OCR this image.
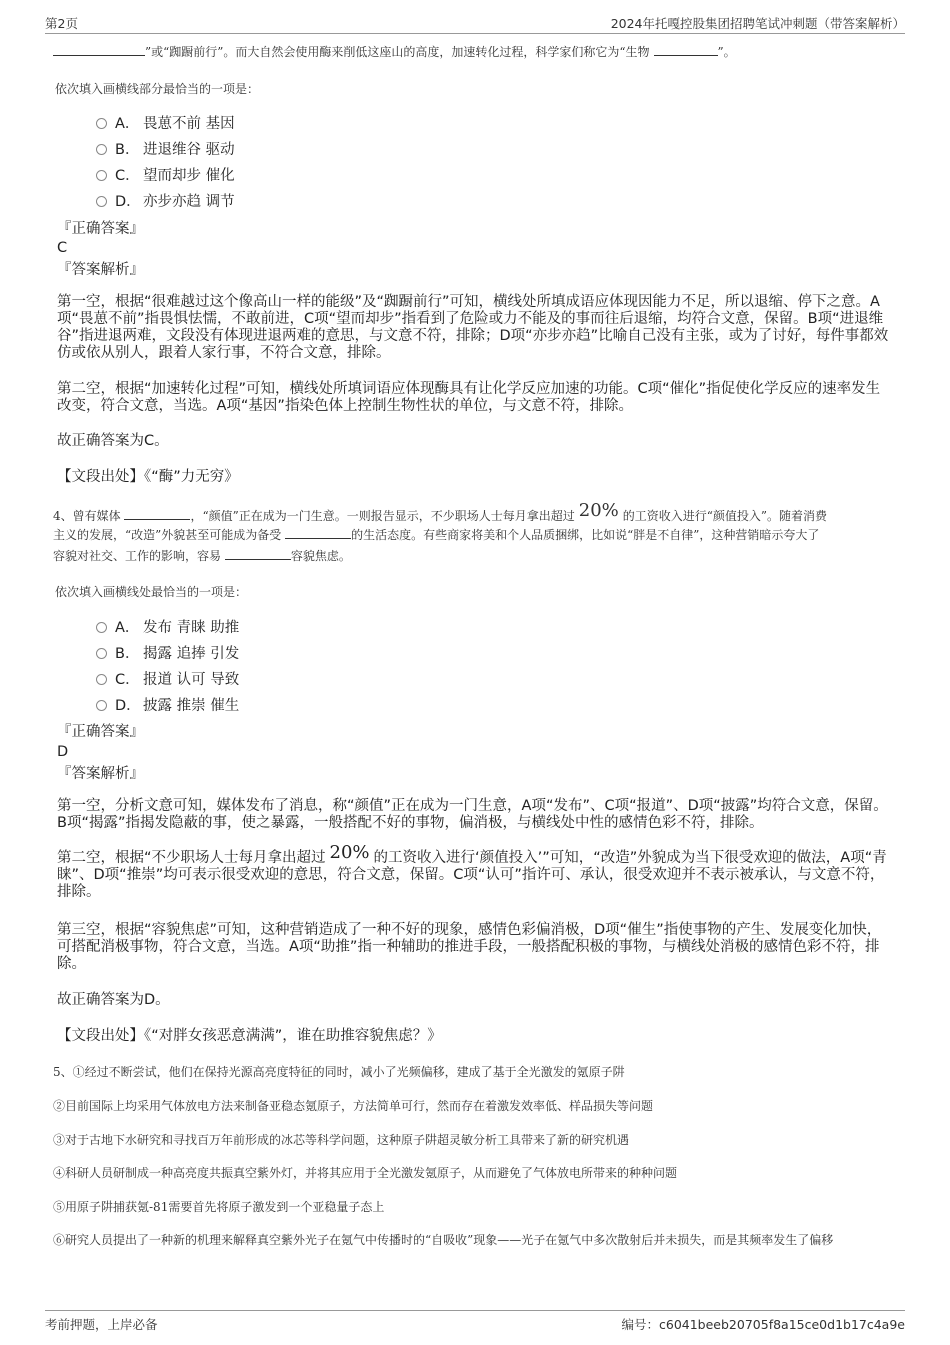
第2页	2024年托嘎控股集团招聘笔试冲刺题（带答案解析）
”或“踟蹰前行”。而大自然会使用酶来削低这座山的高度，加速转化过程，科学家们称它为“生物	”。
依次填入画横线部分最恰当的一项是：
A． 畏葸不前 基因
B． 进退维谷 驱动
C． 望而却步 催化
D． 亦步亦趋 调节
『正确答案』
C
『答案解析』
第一空，根据“很难越过这个像高山一样的能级”及“踟蹰前行”可知，横线处所填成语应体现因能力不足，所以退缩、停下之意。A项“畏葸不前”指畏惧怯懦，不敢前进，C项“望而却步”指看到了危险或力不能及的事而往后退缩，均符合文意，保留。B项“进退维谷”指进退两难，文段没有体现进退两难的意思，与文意不符，排除；D项“亦步亦趋”比喻自己没有主张，或为了讨好，每件事都效仿或依从别人，跟着人家行事，不符合文意，排除。
第二空，根据“加速转化过程”可知，横线处所填词语应体现酶具有让化学反应加速的功能。C项“催化”指促使化学反应的速率发生改变，符合文意，当选。A项“基因”指染色体上控制生物性状的单位，与文意不符，排除。
故正确答案为C。
【文段出处】《“酶”力无穷》
4、曾有媒体	，“颜值”正在成为一门生意。一则报告显示，不少职场人士每月拿出超过 20% 的工资收入进行“颜值投入”。随着消费
主义的发展，“改造”外貌甚至可能成为备受	的生活态度。有些商家将美和个人品质捆绑，比如说“胖是不自律”，这种营销暗示夸大了
容貌对社交、工作的影响，容易	容貌焦虑。
依次填入画横线处最恰当的一项是：
A． 发布 青睐 助推
B． 揭露 追捧 引发
C． 报道 认可 导致
D． 披露 推崇 催生
『正确答案』
D
『答案解析』
第一空，分析文意可知，媒体发布了消息，称“颜值”正在成为一门生意，A项“发布”、C项“报道”、D项“披露”均符合文意，保留。B项“揭露”指揭发隐蔽的事，使之暴露，一般搭配不好的事物，偏消极，与横线处中性的感情色彩不符，排除。
第二空，根据“不少职场人士每月拿出超过 20% 的工资收入进行‘颜值投入’”可知，“改造”外貌成为当下很受欢迎的做法，A项“青睐”、D项“推崇”均可表示很受欢迎的意思，符合文意，保留。C项“认可”指许可、承认，很受欢迎并不表示被承认，与文意不符，排除。
第三空，根据“容貌焦虑”可知，这种营销造成了一种不好的现象，感情色彩偏消极，D项“催生”指使事物的产生、发展变化加快，可搭配消极事物，符合文意，当选。A项“助推”指一种辅助的推进手段，一般搭配积极的事物，与横线处消极的感情色彩不符，排除。
故正确答案为D。
【文段出处】《“对胖女孩恶意满满”，谁在助推容貌焦虑？》
5、①经过不断尝试，他们在保持光源高亮度特征的同时，减小了光频偏移，建成了基于全光激发的氪原子阱
②目前国际上均采用气体放电方法来制备亚稳态氪原子，方法简单可行，然而存在着激发效率低、样品损失等问题
③对于古地下水研究和寻找百万年前形成的冰芯等科学问题，这种原子阱超灵敏分析工具带来了新的研究机遇
④科研人员研制成一种高亮度共振真空紫外灯，并将其应用于全光激发氪原子，从而避免了气体放电所带来的种种问题
⑤用原子阱捕获氪-81需要首先将原子激发到一个亚稳量子态上
⑥研究人员提出了一种新的机理来解释真空紫外光子在氪气中传播时的“自吸收”现象——光子在氪气中多次散射后并未损失，而是其频率发生了偏移
考前押题，上岸必备	编号：c6041beeb20705f8a15ce0d1b17c4a9e
